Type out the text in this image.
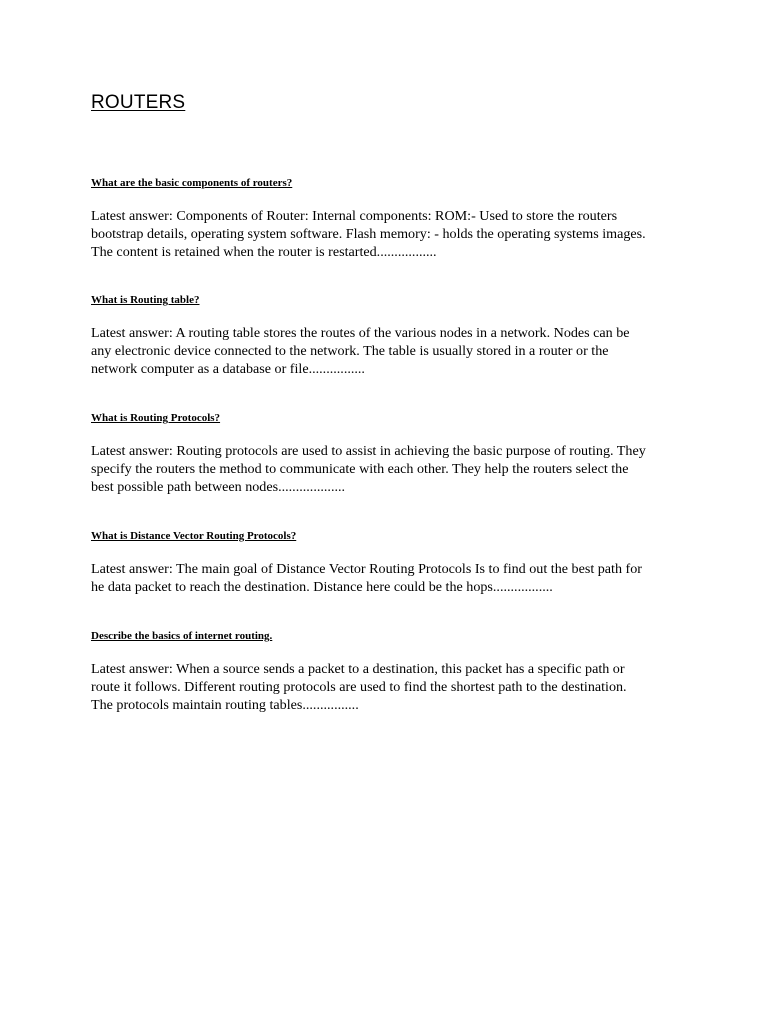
ROUTERS

What are the basic components of routers?

Latest answer: Components of Router: Internal components: ROM:- Used to store the routers
bootstrap details, operating system software. Flash memory: - holds the operating systems images.
The content is retained when the router is restarted.................

What is Routing table?

Latest answer: A routing table stores the routes of the various nodes in a network. Nodes can be
any electronic device connected to the network. The table is usually stored in a router or the
network computer as a database or file................

What is Routing Protocols?

Latest answer: Routing protocols are used to assist in achieving the basic purpose of routing. They
specify the routers the method to communicate with each other. They help the routers select the
best possible path between nodes...................

What is Distance Vector Routing Protocols?

Latest answer: The main goal of Distance Vector Routing Protocols Is to find out the best path for
he data packet to reach the destination. Distance here could be the hops.................

Describe the basics of internet routing.

Latest answer: When a source sends a packet to a destination, this packet has a specific path or
route it follows. Different routing protocols are used to find the shortest path to the destination.
The protocols maintain routing tables................
